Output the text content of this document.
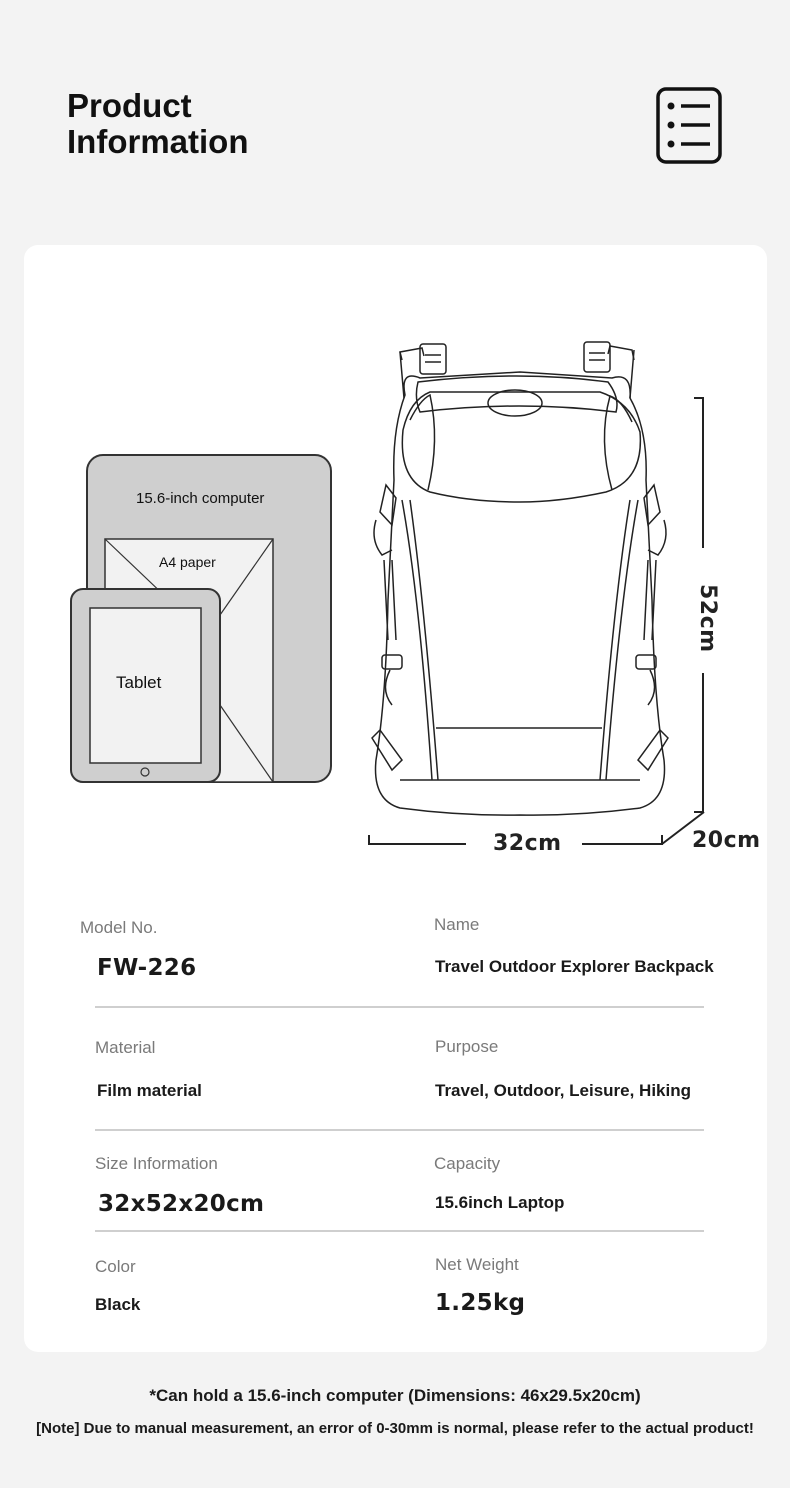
Product
Information
15.6-inch computer
A4 paper
Tablet
52cm
32cm	20cm
Model No.
FW-226
Name
Travel Outdoor Explorer Backpack
Material
Film material
Purpose
Travel, Outdoor, Leisure, Hiking
Size Information
32x52x20cm
Capacity
15.6inch Laptop
Color
Black
Net Weight
1.25kg
*Can hold a 15.6-inch computer (Dimensions: 46x29.5x20cm)
[Note] Due to manual measurement, an error of 0-30mm is normal, please refer to the actual product!
